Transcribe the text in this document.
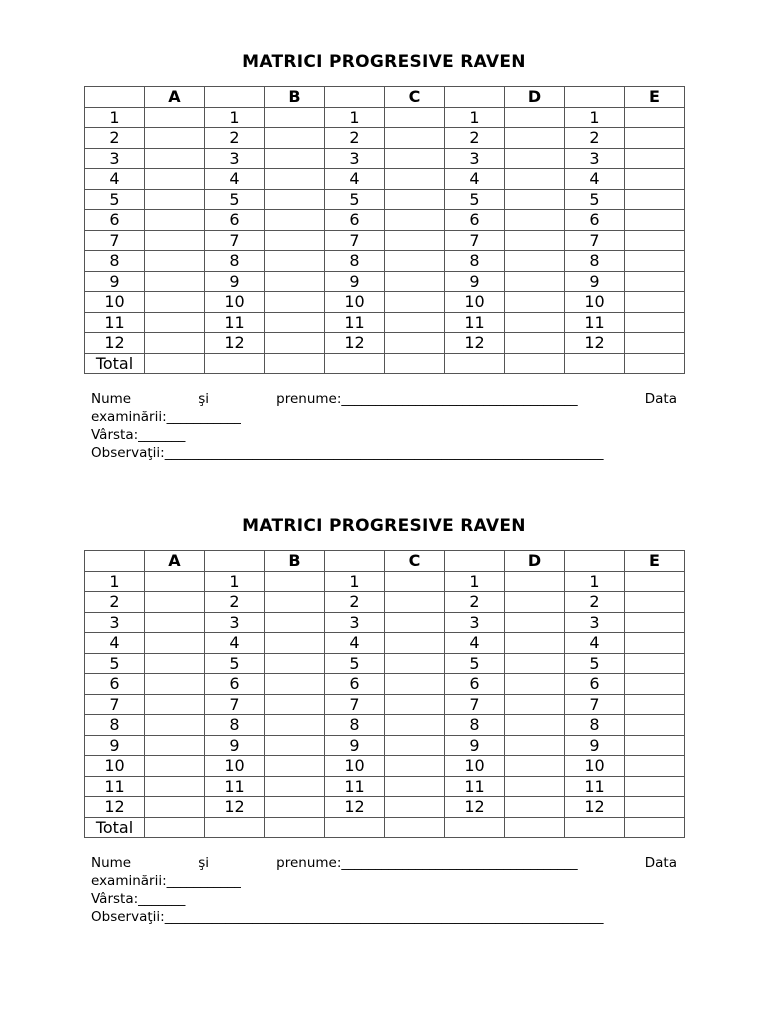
MATRICI PROGRESIVE RAVEN
	A		B		C		D		E
1		1		1		1		1	
2		2		2		2		2	
3		3		3		3		3	
4		4		4		4		4	
5		5		5		5		5	
6		6		6		6		6	
7		7		7		7		7	
8		8		8		8		8	
9		9		9		9		9	
10		10		10		10		10	
11		11		11		11		11	
12		12		12		12		12	
Total									
Nume	şi	prenume:___________________________________	Data
examinării:___________
Vârsta:_______
Observaţii:_________________________________________________________________
MATRICI PROGRESIVE RAVEN
	A		B		C		D		E
1		1		1		1		1	
2		2		2		2		2	
3		3		3		3		3	
4		4		4		4		4	
5		5		5		5		5	
6		6		6		6		6	
7		7		7		7		7	
8		8		8		8		8	
9		9		9		9		9	
10		10		10		10		10	
11		11		11		11		11	
12		12		12		12		12	
Total									
Nume	şi	prenume:___________________________________	Data
examinării:___________
Vârsta:_______
Observaţii:_________________________________________________________________
